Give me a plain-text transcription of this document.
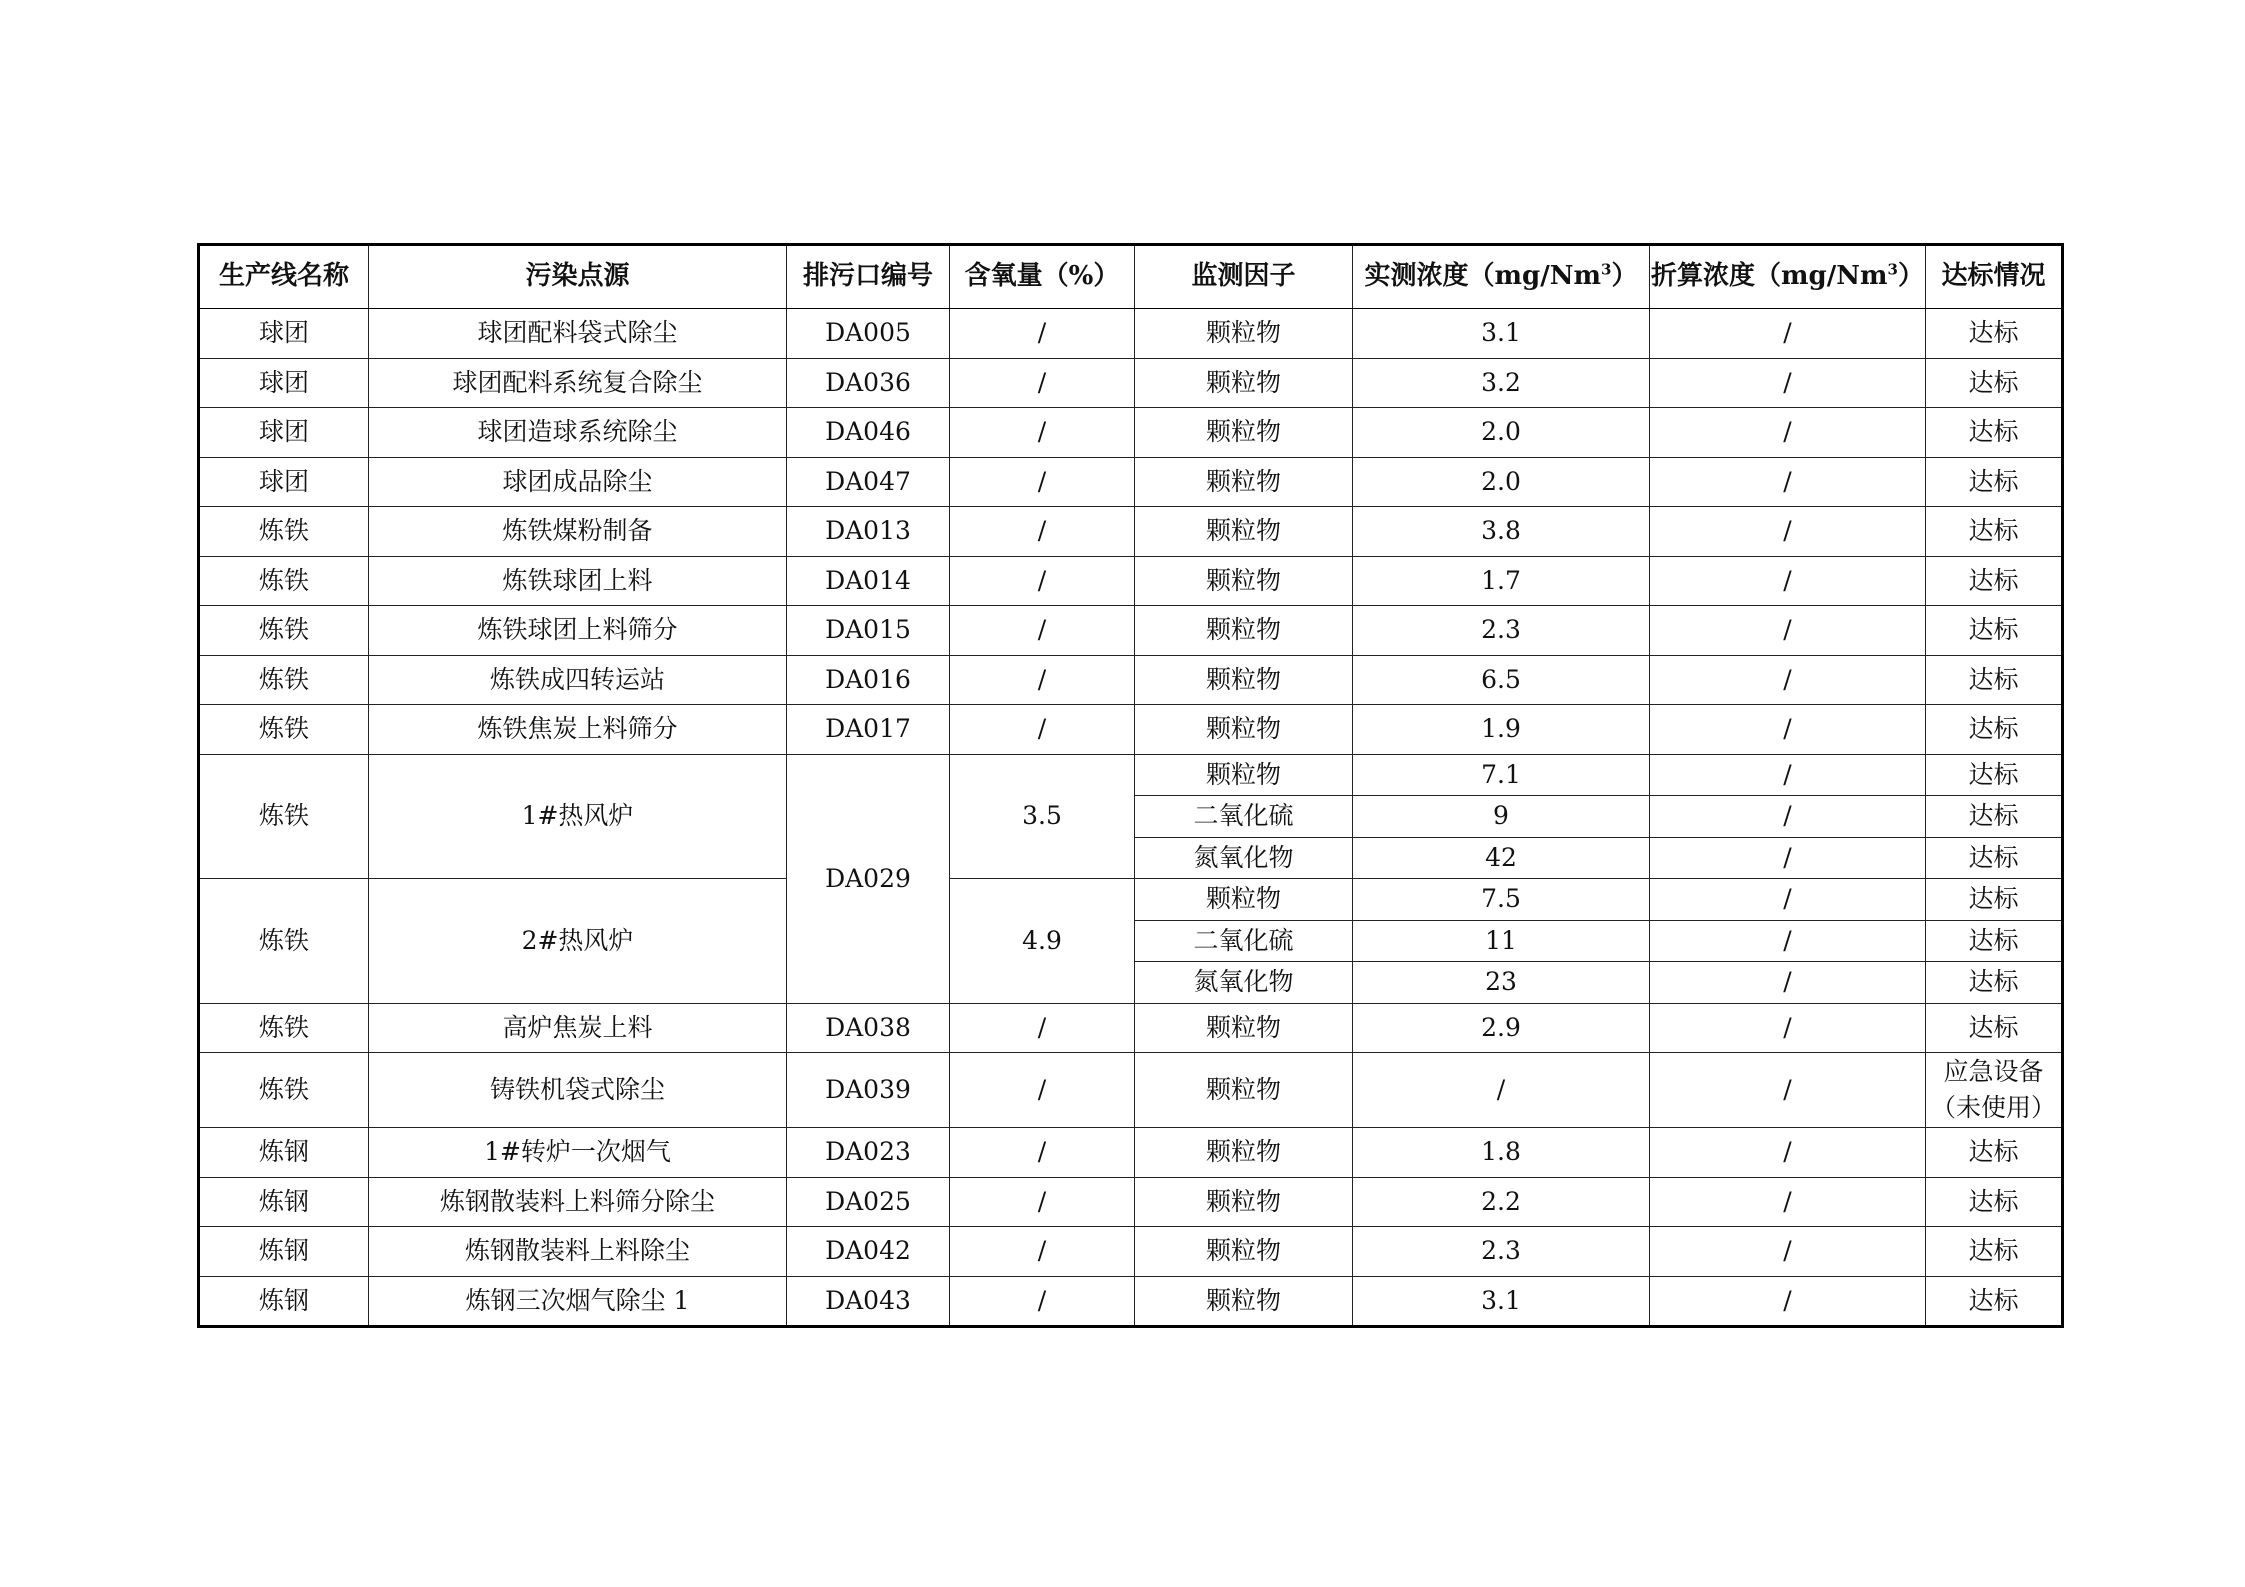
生产线名称	污染点源	排污口编号	含氧量（%）	监测因子	实测浓度（mg/Nm$^3$）	折算浓度（mg/Nm$^3$）	达标情况
球团	球团配料袋式除尘	DA005	/	颗粒物	3.1	/	达标
球团	球团配料系统复合除尘	DA036	/	颗粒物	3.2	/	达标
球团	球团造球系统除尘	DA046	/	颗粒物	2.0	/	达标
球团	球团成品除尘	DA047	/	颗粒物	2.0	/	达标
炼铁	炼铁煤粉制备	DA013	/	颗粒物	3.8	/	达标
炼铁	炼铁球团上料	DA014	/	颗粒物	1.7	/	达标
炼铁	炼铁球团上料筛分	DA015	/	颗粒物	2.3	/	达标
炼铁	炼铁成四转运站	DA016	/	颗粒物	6.5	/	达标
炼铁	炼铁焦炭上料筛分	DA017	/	颗粒物	1.9	/	达标
炼铁	1#热风炉	DA029	3.5	颗粒物	7.1	/	达标
				二氧化硫	9	/	达标
				氮氧化物	42	/	达标
炼铁	2#热风炉		4.9	颗粒物	7.5	/	达标
				二氧化硫	11	/	达标
				氮氧化物	23	/	达标
炼铁	高炉焦炭上料	DA038	/	颗粒物	2.9	/	达标
炼铁	铸铁机袋式除尘	DA039	/	颗粒物	/	/	应急设备
（未使用）
炼钢	1#转炉一次烟气	DA023	/	颗粒物	1.8	/	达标
炼钢	炼钢散装料上料筛分除尘	DA025	/	颗粒物	2.2	/	达标
炼钢	炼钢散装料上料除尘	DA042	/	颗粒物	2.3	/	达标
炼钢	炼钢三次烟气除尘 1	DA043	/	颗粒物	3.1	/	达标
